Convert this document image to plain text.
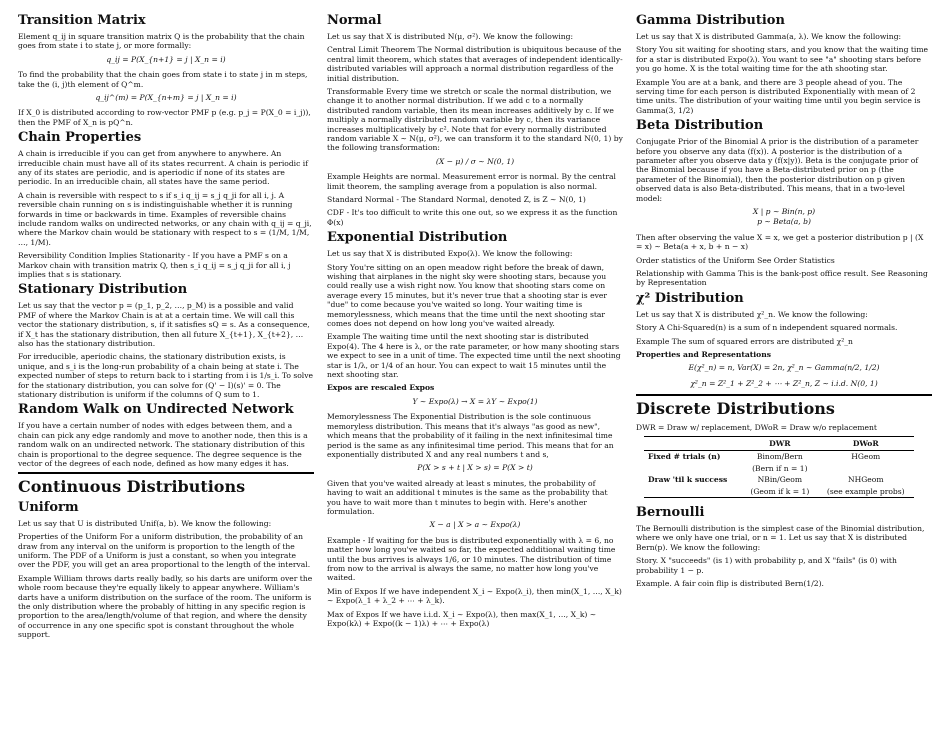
Transition Matrix

Element q_ij in square transition matrix Q is the probability that the chain goes from state i to state j, or more formally:

q_ij = P(X_{n+1} = j | X_n = i)

To find the probability that the chain goes from state i to state j in m steps, take the (i, j)th element of Q^m.

q_ij^(m) = P(X_{n+m} = j | X_n = i)

If X_0 is distributed according to row-vector PMF p (e.g. p_j = P(X_0 = i_j)), then the PMF of X_n is pQ^n.

Chain Properties

A chain is irreducible if you can get from anywhere to anywhere. An irreducible chain must have all of its states recurrent. A chain is periodic if any of its states are periodic, and is aperiodic if none of its states are periodic. In an irreducible chain, all states have the same period.

A chain is reversible with respect to s if s_i q_ij = s_j q_ji for all i, j. A reversible chain running on s is indistinguishable whether it is running forwards in time or backwards in time. Examples of reversible chains include random walks on undirected networks, or any chain with q_ij = q_ji, where the Markov chain would be stationary with respect to s = (1/M, 1/M, …, 1/M).

Reversibility Condition Implies Stationarity - If you have a PMF s on a Markov chain with transition matrix Q, then s_i q_ij = s_j q_ji for all i, j implies that s is stationary.

Stationary Distribution

Let us say that the vector p = (p_1, p_2, …, p_M) is a possible and valid PMF of where the Markov Chain is at at a certain time. We will call this vector the stationary distribution, s, if it satisfies sQ = s. As a consequence, if X_t has the stationary distribution, then all future X_{t+1}, X_{t+2}, … also has the stationary distribution.

For irreducible, aperiodic chains, the stationary distribution exists, is unique, and s_i is the long-run probability of a chain being at state i. The expected number of steps to return back to i starting from i is 1/s_i. To solve for the stationary distribution, you can solve for (Q' − I)(s)' = 0. The stationary distribution is uniform if the columns of Q sum to 1.

Random Walk on Undirected Network

If you have a certain number of nodes with edges between them, and a chain can pick any edge randomly and move to another node, then this is a random walk on an undirected network. The stationary distribution of this chain is proportional to the degree sequence. The degree sequence is the vector of the degrees of each node, defined as how many edges it has.

Continuous Distributions
Uniform

Let us say that U is distributed Unif(a, b). We know the following:

Properties of the Uniform For a uniform distribution, the probability of an draw from any interval on the uniform is proportion to the length of the uniform. The PDF of a Uniform is just a constant, so when you integrate over the PDF, you will get an area proportional to the length of the interval.

Example William throws darts really badly, so his darts are uniform over the whole room because they're equally likely to appear anywhere. William's darts have a uniform distribution on the surface of the room. The uniform is the only distribution where the probably of hitting in any specific region is proportion to the area/length/volume of that region, and where the density of occurrence in any one specific spot is constant throughout the whole support.

Normal

Let us say that X is distributed N(μ, σ²). We know the following:

Central Limit Theorem The Normal distribution is ubiquitous because of the central limit theorem, which states that averages of independent identically-distributed variables will approach a normal distribution regardless of the initial distribution.

Transformable Every time we stretch or scale the normal distribution, we change it to another normal distribution. If we add c to a normally distributed random variable, then its mean increases additively by c. If we multiply a normally distributed random variable by c, then its variance increases multiplicatively by c². Note that for every normally distributed random variable X ∼ N(μ, σ²), we can transform it to the standard N(0, 1) by the following transformation:

(X − μ) / σ ∼ N(0, 1)

Example Heights are normal. Measurement error is normal. By the central limit theorem, the sampling average from a population is also normal.

Standard Normal - The Standard Normal, denoted Z, is Z ∼ N(0, 1)

CDF - It's too difficult to write this one out, so we express it as the function Φ(x)

Exponential Distribution

Let us say that X is distributed Expo(λ). We know the following:

Story You're sitting on an open meadow right before the break of dawn, wishing that airplanes in the night sky were shooting stars, because you could really use a wish right now. You know that shooting stars come on average every 15 minutes, but it's never true that a shooting star is ever "due" to come because you've waited so long. Your waiting time is memorylessness, which means that the time until the next shooting star comes does not depend on how long you've waited already.

Example The waiting time until the next shooting star is distributed Expo(4). The 4 here is λ, or the rate parameter, or how many shooting stars we expect to see in a unit of time. The expected time until the next shooting star is 1/λ, or 1/4 of an hour. You can expect to wait 15 minutes until the next shooting star.

Expos are rescaled Expos

Y ∼ Expo(λ) → X = λY ∼ Expo(1)

Memorylessness The Exponential Distribution is the sole continuous memoryless distribution. This means that it's always "as good as new", which means that the probability of it failing in the next infinitesimal time period is the same as any infinitesimal time period. This means that for an exponentially distributed X and any real numbers t and s,

P(X > s + t | X > s) = P(X > t)

Given that you've waited already at least s minutes, the probability of having to wait an additional t minutes is the same as the probability that you have to wait more than t minutes to begin with. Here's another formulation.

X − a | X > a ∼ Expo(λ)

Example - If waiting for the bus is distributed exponentially with λ = 6, no matter how long you've waited so far, the expected additional waiting time until the bus arrives is always 1/6, or 10 minutes. The distribution of time from now to the arrival is always the same, no matter how long you've waited.

Min of Expos If we have independent X_i ∼ Expo(λ_i), then min(X_1, …, X_k) ∼ Expo(λ_1 + λ_2 + ⋯ + λ_k).

Max of Expos If we have i.i.d. X_i ∼ Expo(λ), then max(X_1, …, X_k) ∼ Expo(kλ) + Expo((k − 1)λ) + ⋯ + Expo(λ)

Gamma Distribution

Let us say that X is distributed Gamma(a, λ). We know the following:

Story You sit waiting for shooting stars, and you know that the waiting time for a star is distributed Expo(λ). You want to see "a" shooting stars before you go home. X is the total waiting time for the ath shooting star.

Example You are at a bank, and there are 3 people ahead of you. The serving time for each person is distributed Exponentially with mean of 2 time units. The distribution of your waiting time until you begin service is Gamma(3, 1/2)

Beta Distribution

Conjugate Prior of the Binomial A prior is the distribution of a parameter before you observe any data (f(x)). A posterior is the distribution of a parameter after you observe data y (f(x|y)). Beta is the conjugate prior of the Binomial because if you have a Beta-distributed prior on p (the parameter of the Binomial), then the posterior distribution on p given observed data is also Beta-distributed. This means, that in a two-level model:

X | p ∼ Bin(n, p)
p ∼ Beta(a, b)

Then after observing the value X = x, we get a posterior distribution p | (X = x) ∼ Beta(a + x, b + n − x)

Order statistics of the Uniform See Order Statistics

Relationship with Gamma This is the bank-post office result. See Reasoning by Representation

χ² Distribution

Let us say that X is distributed χ²_n. We know the following:

Story A Chi-Squared(n) is a sum of n independent squared normals.

Example The sum of squared errors are distributed χ²_n

Properties and Representations

E(χ²_n) = n, Var(X) = 2n, χ²_n ∼ Gamma(n/2, 1/2)
χ²_n = Z²_1 + Z²_2 + ⋯ + Z²_n, Z ∼ i.i.d. N(0, 1)
Discrete Distributions

DWR = Draw w/ replacement, DWoR = Draw w/o replacement

	DWR	DWoR
Fixed # trials (n)	Binom/Bern	HGeom
	(Bern if n = 1)	
Draw 'til k success	NBin/Geom	NHGeom
	(Geom if k = 1)	(see example probs)
Bernoulli

The Bernoulli distribution is the simplest case of the Binomial distribution, where we only have one trial, or n = 1. Let us say that X is distributed Bern(p). We know the following:

Story. X "succeeds" (is 1) with probability p, and X "fails" (is 0) with probability 1 − p.

Example. A fair coin flip is distributed Bern(1/2).
